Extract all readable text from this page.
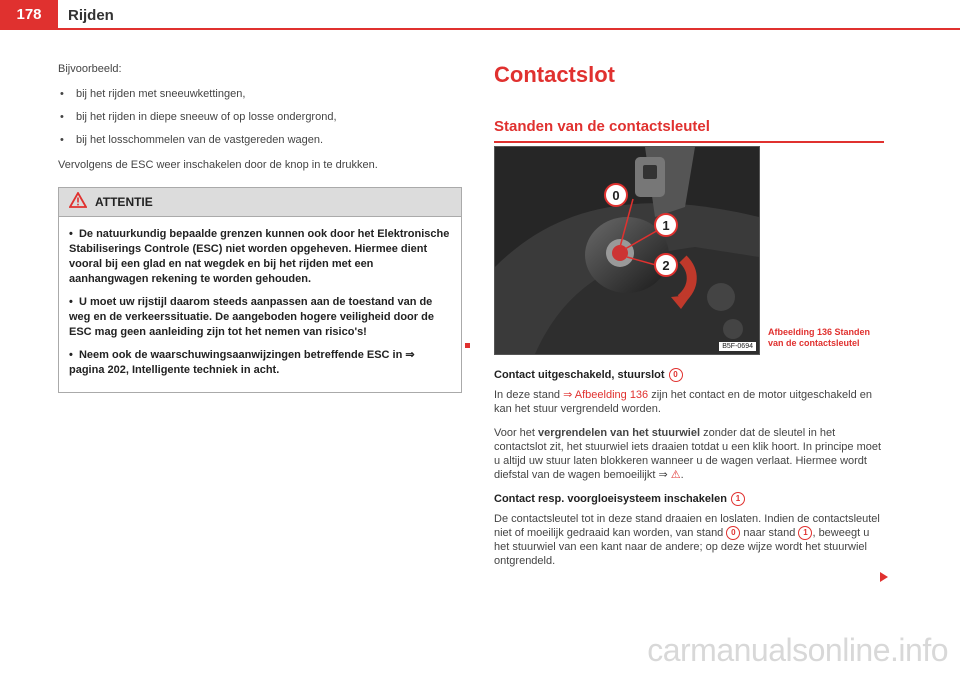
178	Rijden

Bijvoorbeeld:

• bij het rijden met sneeuwkettingen,
• bij het rijden in diepe sneeuw of op losse ondergrond,
• bij het losschommelen van de vastgereden wagen.

Vervolgens de ESC weer inschakelen door de knop in te drukken.

ATTENTIE

•  De natuurkundig bepaalde grenzen kunnen ook door het Elektronische Stabiliserings Controle (ESC) niet worden opgeheven. Hiermee dient vooral bij een glad en nat wegdek en bij het rijden met een aanhangwagen rekening te worden gehouden.

•  U moet uw rijstijl daarom steeds aanpassen aan de toestand van de weg en de verkeerssituatie. De aangeboden hogere veiligheid door de ESC mag geen aanleiding zijn tot het nemen van risico's!

•  Neem ook de waarschuwingsaanwijzingen betreffende ESC in ⇒ pagina 202, Intelligente techniek in acht.

Contactslot
Standen van de contactsleutel
0
1
2
B5F-0694
Afbeelding 136 Standen van de contactsleutel
Contact uitgeschakeld, stuurslot	0

In deze stand ⇒ Afbeelding 136 zijn het contact en de motor uitgeschakeld en kan het stuur vergrendeld worden.

Voor het vergrendelen van het stuurwiel zonder dat de sleutel in het contactslot zit, het stuurwiel iets draaien totdat u een klik hoort. In principe moet u altijd uw stuur laten blokkeren wanneer u de wagen verlaat. Hiermee wordt diefstal van de wagen bemoeilijkt ⇒ ⚠.

Contact resp. voorgloeisysteem inschakelen	1

De contactsleutel tot in deze stand draaien en loslaten. Indien de contactsleutel niet of moeilijk gedraaid kan worden, van stand 0 naar stand 1 , beweegt u het stuurwiel van een kant naar de andere; op deze wijze wordt het stuurwiel ontgrendeld.

carmanualsonline.info
